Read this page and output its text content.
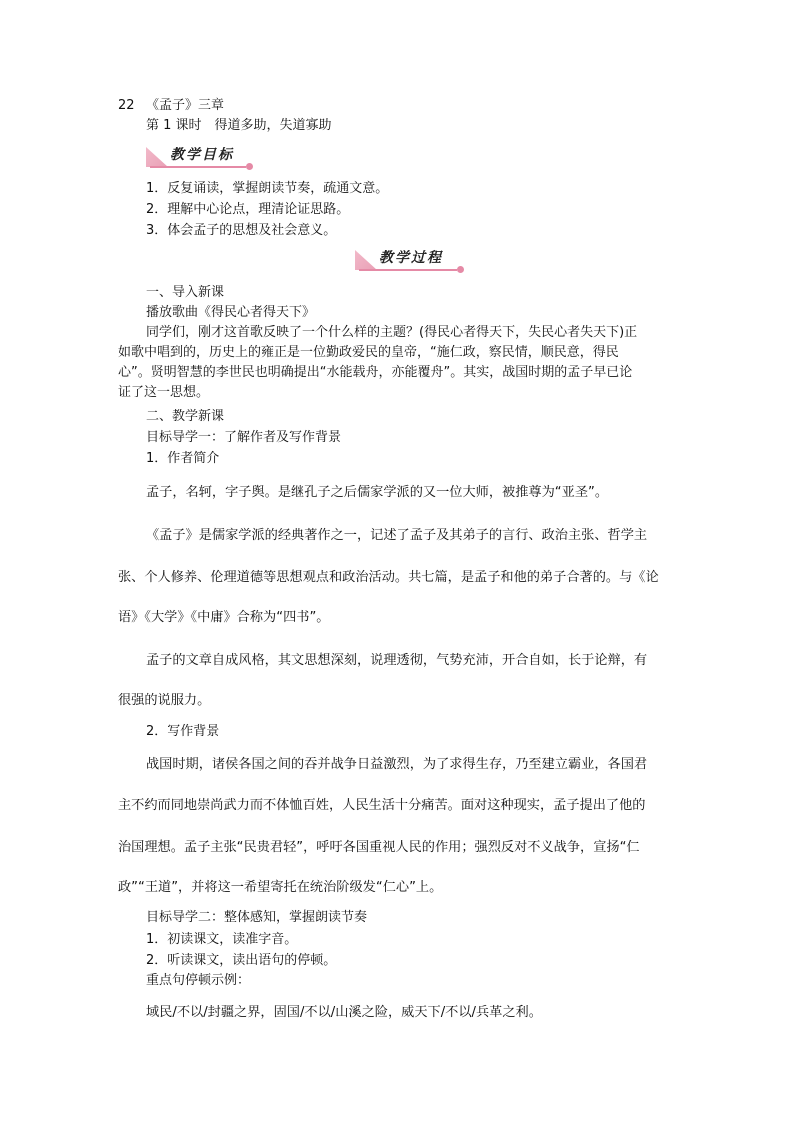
22 《孟子》三章
第 1 课时　得道多助，失道寡助
教学目标
1．反复诵读，掌握朗读节奏，疏通文意。
2．理解中心论点，理清论证思路。
3．体会孟子的思想及社会意义。
教学过程
一、导入新课
播放歌曲《得民心者得天下》
同学们，刚才这首歌反映了一个什么样的主题？(得民心者得天下，失民心者失天下)正
如歌中唱到的，历史上的雍正是一位勤政爱民的皇帝，“施仁政，察民情，顺民意，得民
心”。贤明智慧的李世民也明确提出“水能载舟，亦能覆舟”。其实，战国时期的孟子早已论
证了这一思想。
二、教学新课
目标导学一：了解作者及写作背景
1．作者简介
孟子，名轲，字子舆。是继孔子之后儒家学派的又一位大师，被推尊为“亚圣”。
《孟子》是儒家学派的经典著作之一，记述了孟子及其弟子的言行、政治主张、哲学主
张、个人修养、伦理道德等思想观点和政治活动。共七篇，是孟子和他的弟子合著的。与《论
语》《大学》《中庸》合称为“四书”。
孟子的文章自成风格，其文思想深刻，说理透彻，气势充沛，开合自如，长于论辩，有
很强的说服力。
2．写作背景
战国时期，诸侯各国之间的吞并战争日益激烈，为了求得生存，乃至建立霸业，各国君
主不约而同地崇尚武力而不体恤百姓，人民生活十分痛苦。面对这种现实，孟子提出了他的
治国理想。孟子主张“民贵君轻”，呼吁各国重视人民的作用；强烈反对不义战争，宣扬“仁
政”“王道”，并将这一希望寄托在统治阶级发“仁心”上。
目标导学二：整体感知，掌握朗读节奏
1．初读课文，读准字音。
2．听读课文，读出语句的停顿。
重点句停顿示例：
域民/不以/封疆之界，固国/不以/山溪之险，威天下/不以/兵革之利。
